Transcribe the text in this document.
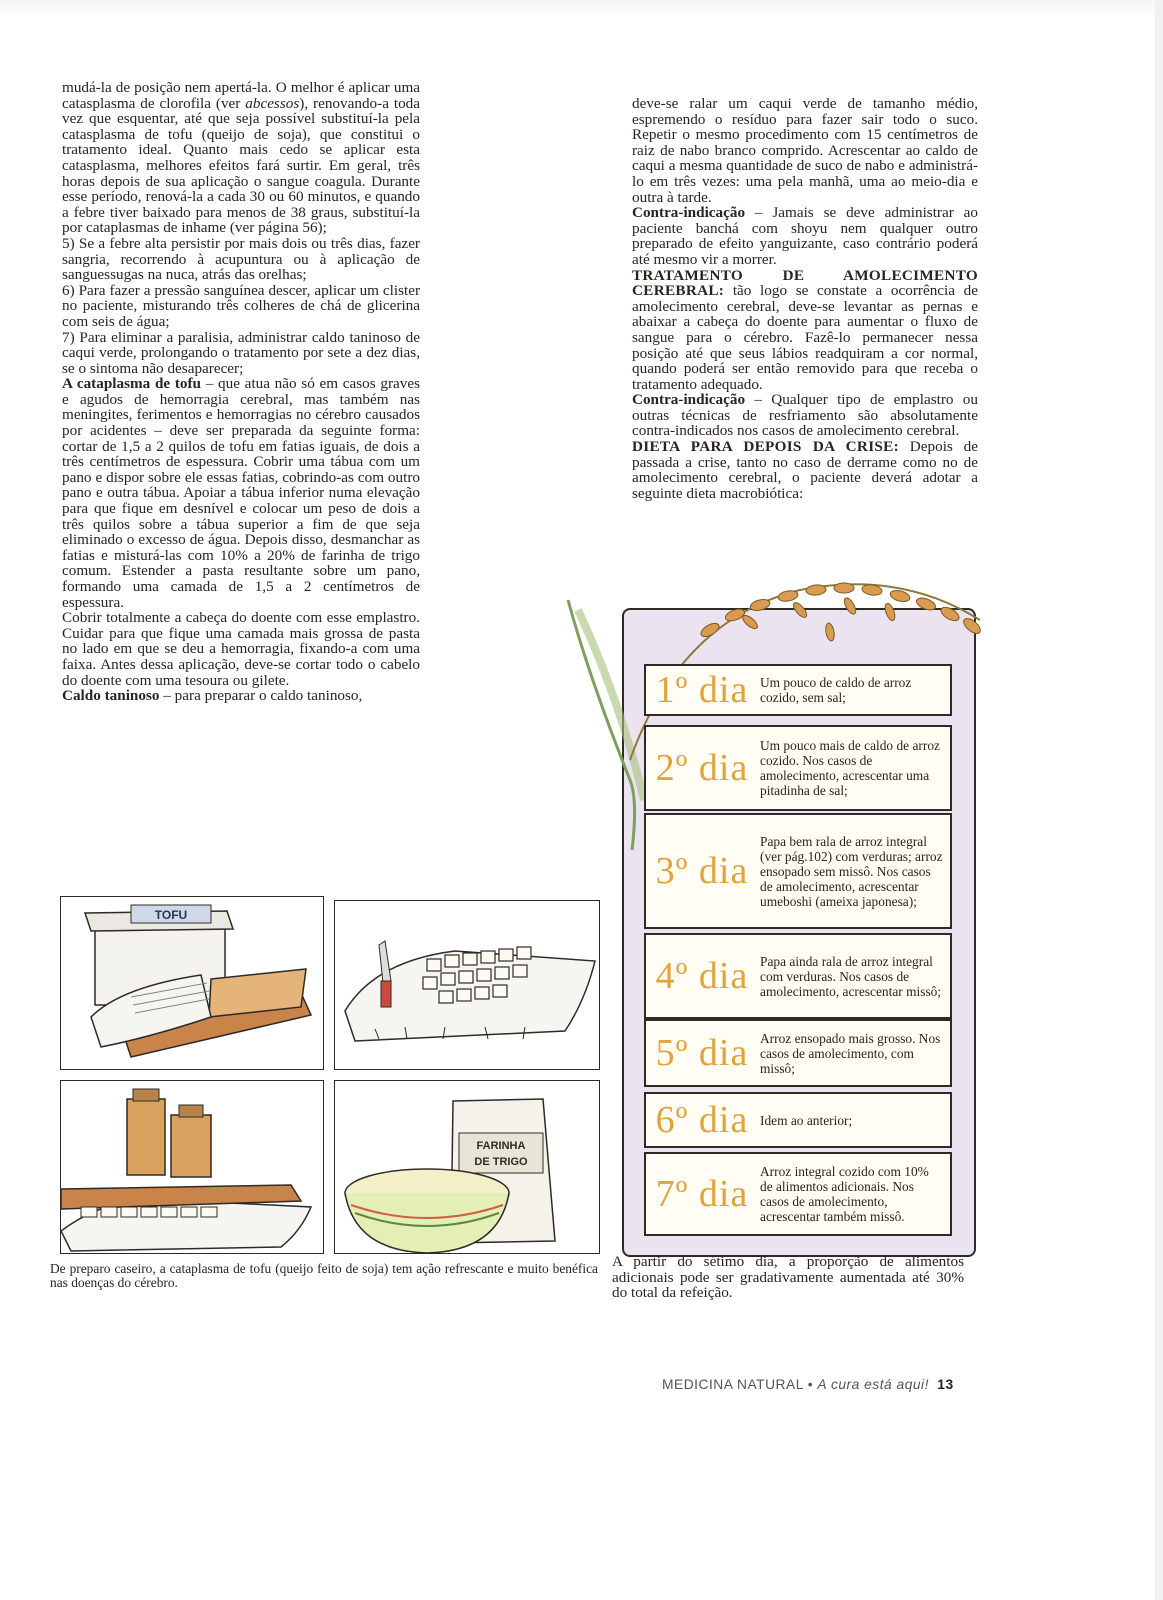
mudá-la de posição nem apertá-la. O melhor é aplicar uma catasplasma de clorofila (ver abcessos), renovando-a toda vez que esquentar, até que seja possível substituí-la pela catasplasma de tofu (queijo de soja), que constitui o tratamento ideal. Quanto mais cedo se aplicar esta catasplasma, melhores efeitos fará surtir. Em geral, três horas depois de sua aplicação o sangue coagula. Durante esse período, renová-la a cada 30 ou 60 minutos, e quando a febre tiver baixado para menos de 38 graus, substituí-la por cataplasmas de inhame (ver página 56);

5) Se a febre alta persistir por mais dois ou três dias, fazer sangria, recorrendo à acupuntura ou à aplicação de sanguessugas na nuca, atrás das orelhas;

6) Para fazer a pressão sanguínea descer, aplicar um clister no paciente, misturando três colheres de chá de glicerina com seis de água;

7) Para eliminar a paralisia, administrar caldo taninoso de caqui verde, prolongando o tratamento por sete a dez dias, se o sintoma não desaparecer;

A cataplasma de tofu – que atua não só em casos graves e agudos de hemorragia cerebral, mas também nas meningites, ferimentos e hemorragias no cérebro causados por acidentes – deve ser preparada da seguinte forma: cortar de 1,5 a 2 quilos de tofu em fatias iguais, de dois a três centímetros de espessura. Cobrir uma tábua com um pano e dispor sobre ele essas fatias, cobrindo-as com outro pano e outra tábua. Apoiar a tábua inferior numa elevação para que fique em desnível e colocar um peso de dois a três quilos sobre a tábua superior a fim de que seja eliminado o excesso de água. Depois disso, desmanchar as fatias e misturá-las com 10% a 20% de farinha de trigo comum. Estender a pasta resultante sobre um pano, formando uma camada de 1,5 a 2 centímetros de espessura.

Cobrir totalmente a cabeça do doente com esse emplastro. Cuidar para que fique uma camada mais grossa de pasta no lado em que se deu a hemorragia, fixando-a com uma faixa. Antes dessa aplicação, deve-se cortar todo o cabelo do doente com uma tesoura ou gilete.

Caldo taninoso – para preparar o caldo taninoso,

deve-se ralar um caqui verde de tamanho médio, espremendo o resíduo para fazer sair todo o suco. Repetir o mesmo procedimento com 15 centímetros de raiz de nabo branco comprido. Acrescentar ao caldo de caqui a mesma quantidade de suco de nabo e administrá-lo em três vezes: uma pela manhã, uma ao meio-dia e outra à tarde.

Contra-indicação – Jamais se deve administrar ao paciente banchá com shoyu nem qualquer outro preparado de efeito yanguizante, caso contrário poderá até mesmo vir a morrer.

TRATAMENTO DE AMOLECIMENTO CEREBRAL: tão logo se constate a ocorrência de amolecimento cerebral, deve-se levantar as pernas e abaixar a cabeça do doente para aumentar o fluxo de sangue para o cérebro. Fazê-lo permanecer nessa posição até que seus lábios readquiram a cor normal, quando poderá ser então removido para que receba o tratamento adequado.

Contra-indicação – Qualquer tipo de emplastro ou outras técnicas de resfriamento são absolutamente contra-indicados nos casos de amolecimento cerebral.

DIETA PARA DEPOIS DA CRISE: Depois de passada a crise, tanto no caso de derrame como no de amolecimento cerebral, o paciente deverá adotar a seguinte dieta macrobiótica:

TOFU
FARINHA
DE TRIGO
De preparo caseiro, a cataplasma de tofu (queijo feito de soja) tem ação refrescante e muito benéfica nas doenças do cérebro.
1º dia Um pouco de caldo de arroz cozido, sem sal;
2º dia
Um pouco mais de caldo de arroz cozido. Nos casos de amolecimento, acrescentar uma pitadinha de sal;
3º dia
Papa bem rala de arroz integral (ver pág.102) com verduras; arroz ensopado sem missô. Nos casos de amolecimento, acrescentar umeboshi (ameixa japonesa);
4º dia Papa ainda rala de arroz integral com verduras. Nos casos de amolecimento, acrescentar missô;
5º dia Arroz ensopado mais grosso. Nos casos de amolecimento, com missô;
6º dia Idem ao anterior;
7º dia
Arroz integral cozido com 10% de alimentos adicionais. Nos casos de amolecimento, acrescentar também missô.
A partir do sétimo dia, a proporção de alimentos adicionais pode ser gradativamente aumentada até 30% do total da refeição.
MEDICINA NATURAL • A cura está aqui! 13
